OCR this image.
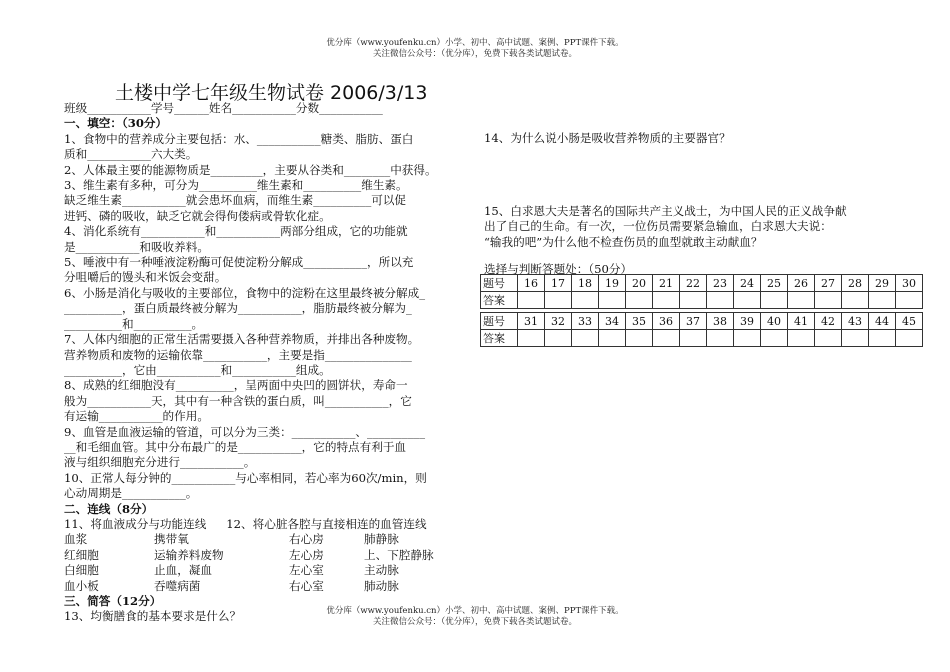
优分库（www.youfenku.cn）小学、初中、高中试题、案例、PPT课件下载。
关注微信公众号：（优分库），免费下载各类试题试卷。
土楼中学七年级生物试卷 2006/3/13
班级___________学号______姓名___________分数___________
一、填空：（30分）
1、食物中的营养成分主要包括：水、___________糖类、脂肪、蛋白
质和___________六大类。
2、人体最主要的能源物质是_________，主要从谷类和________中获得。
3、维生素有多种，可分为__________维生素和__________维生素。
缺乏维生素___________就会患坏血病，而维生素__________可以促
进钙、磷的吸收，缺乏它就会得佝偻病或骨软化症。
4、消化系统有___________和___________两部分组成，它的功能就
是___________和吸收养料。
5、唾液中有一种唾液淀粉酶可促使淀粉分解成___________，所以充
分咀嚼后的馒头和米饭会变甜。
6、小肠是消化与吸收的主要部位，食物中的淀粉在这里最终被分解成_
__________，蛋白质最终被分解为___________，脂肪最终被分解为_
__________和__________。
7、人体内细胞的正常生活需要摄入各种营养物质，并排出各种废物。
营养物质和废物的运输依靠___________，主要是指_______________
__________，它由___________和___________组成。
8、成熟的红细胞没有__________，呈两面中央凹的圆饼状，寿命一
般为___________天，其中有一种含铁的蛋白质，叫___________，它
有运输___________的作用。
9、血管是血液运输的管道，可以分为三类：___________、__________
__和毛细血管。其中分布最广的是___________，它的特点有利于血
液与组织细胞充分进行___________。
10、正常人每分钟的___________与心率相同，若心率为60次/min，则
心动周期是___________。
二、连线（8分）
11、将血液成分与功能连线 12、将心脏各腔与直接相连的血管连线
血浆	携带氧	右心房	肺静脉
红细胞	运输养料废物	左心房	上、下腔静脉
白细胞	止血，凝血	左心室	主动脉
血小板	吞噬病菌	右心室	肺动脉
三、简答（12分）
13、均衡膳食的基本要求是什么？
14、为什么说小肠是吸收营养物质的主要器官？
15、白求恩大夫是著名的国际共产主义战士，为中国人民的正义战争献
出了自己的生命。有一次，一位伤员需要紧急输血，白求恩大夫说：
“输我的吧”为什么他不检查伤员的血型就敢主动献血？
选择与判断答题处：（50分）
题号	16	17	18	19	20	21	22	23	24	25	26	27	28	29	30
答案															

题号	31	32	33	34	35	36	37	38	39	40	41	42	43	44	45
答案															
优分库（www.youfenku.cn）小学、初中、高中试题、案例、PPT课件下载。
关注微信公众号：（优分库），免费下载各类试题试卷。
